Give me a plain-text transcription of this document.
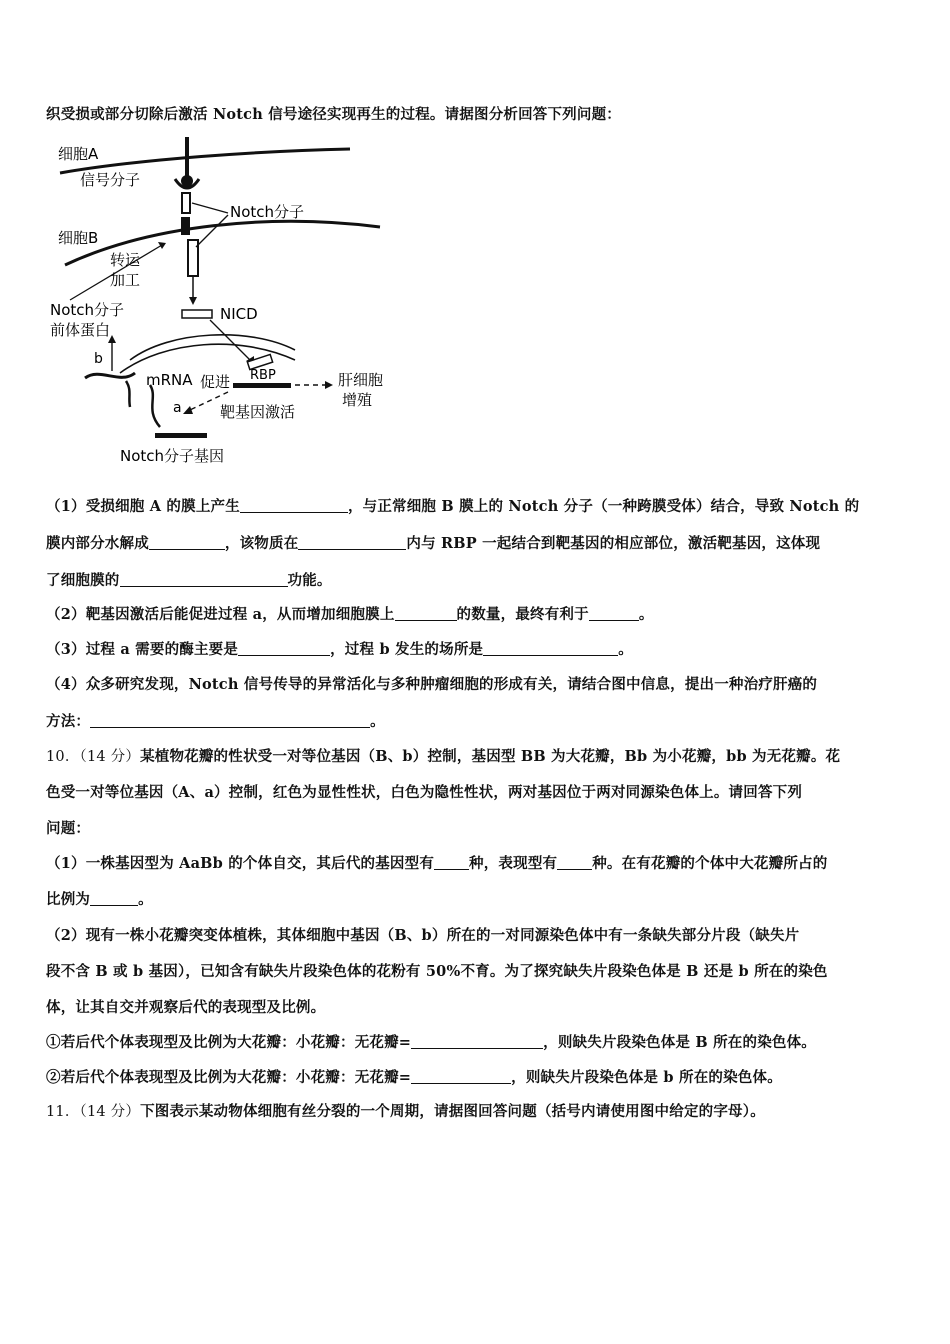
织受损或部分切除后激活 Notch 信号途径实现再生的过程。请据图分析回答下列问题：
细胞A
信号分子
Notch分子
细胞B
转运
加工
Notch分子
前体蛋白
NICD
b
mRNA 促进 RBP	肝细胞
增殖
a	靶基因激活
Notch分子基因
（1）受损细胞 A 的膜上产生	，与正常细胞 B 膜上的 Notch 分子（一种跨膜受体）结合，导致 Notch 的
膜内部分水解成	，该物质在	内与 RBP 一起结合到靶基因的相应部位，激活靶基因，这体现
了细胞膜的	功能。
（2）靶基因激活后能促进过程 a，从而增加细胞膜上	的数量，最终有利于	。
（3）过程 a 需要的酶主要是	，过程 b 发生的场所是	。
（4）众多研究发现，Notch 信号传导的异常活化与多种肿瘤细胞的形成有关，请结合图中信息，提出一种治疗肝癌的
方法：	。
10．（14 分）某植物花瓣的性状受一对等位基因（B、b）控制，基因型 BB 为大花瓣，Bb 为小花瓣，bb 为无花瓣。花
色受一对等位基因（A、a）控制，红色为显性性状，白色为隐性性状，两对基因位于两对同源染色体上。请回答下列
问题：
（1）一株基因型为 AaBb 的个体自交，其后代的基因型有 种，表现型有 种。在有花瓣的个体中大花瓣所占的
比例为	。
（2）现有一株小花瓣突变体植株，其体细胞中基因（B、b）所在的一对同源染色体中有一条缺失部分片段（缺失片
段不含 B 或 b 基因），已知含有缺失片段染色体的花粉有 50%不育。为了探究缺失片段染色体是 B 还是 b 所在的染色
体，让其自交并观察后代的表现型及比例。
①若后代个体表现型及比例为大花瓣：小花瓣：无花瓣=	，则缺失片段染色体是 B 所在的染色体。
②若后代个体表现型及比例为大花瓣：小花瓣：无花瓣=	，则缺失片段染色体是 b 所在的染色体。
11．（14 分）下图表示某动物体细胞有丝分裂的一个周期，请据图回答问题（括号内请使用图中给定的字母）。
